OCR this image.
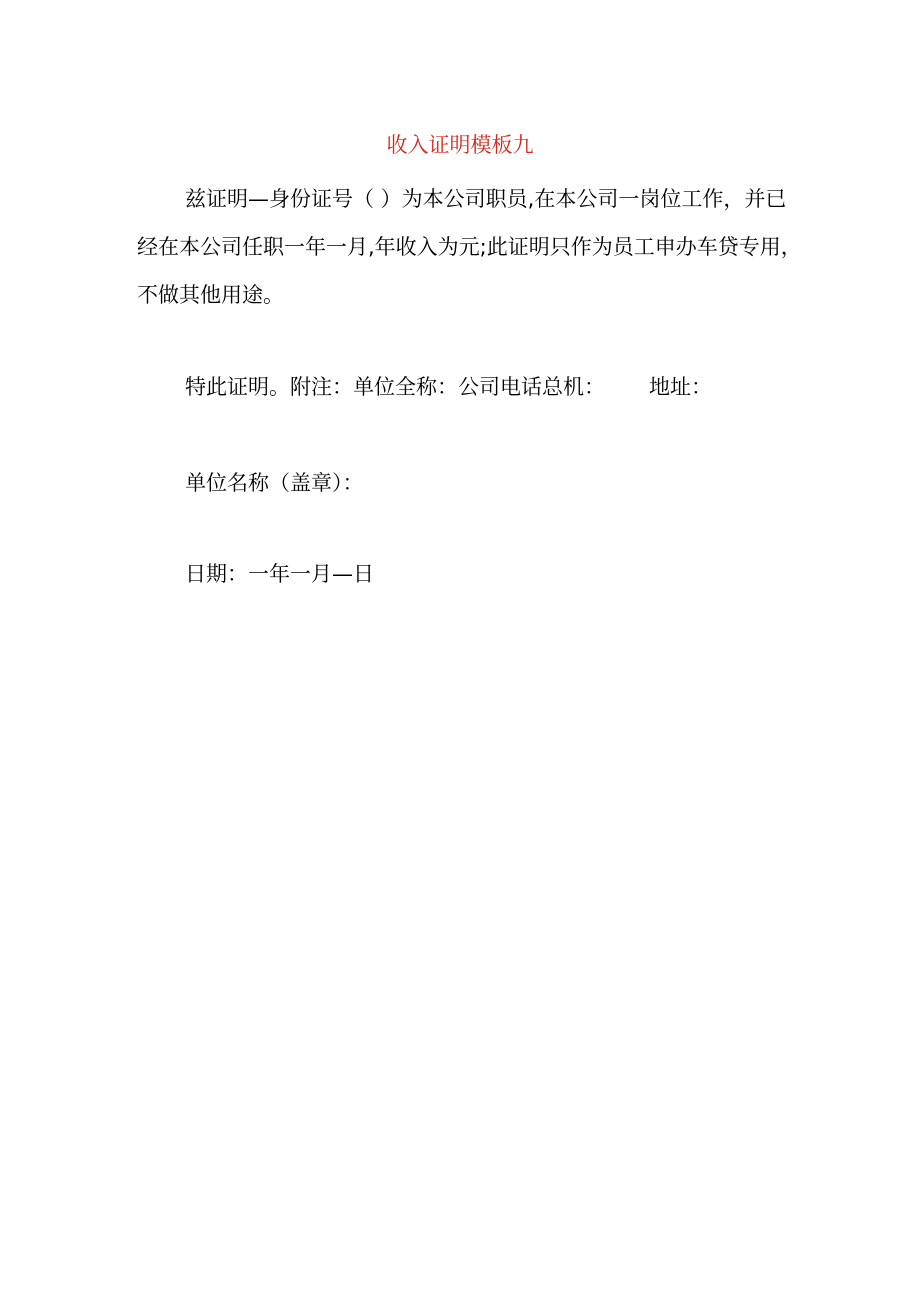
收入证明模板九

兹证明—身份证号（ ）为本公司职员,在本公司一岗位工作，并已经在本公司任职一年一月,年收入为元;此证明只作为员工申办车贷专用，不做其他用途。

特此证明。附注：单位全称：公司电话总机： 地址：

单位名称（盖章）：

日期：一年一月—日
